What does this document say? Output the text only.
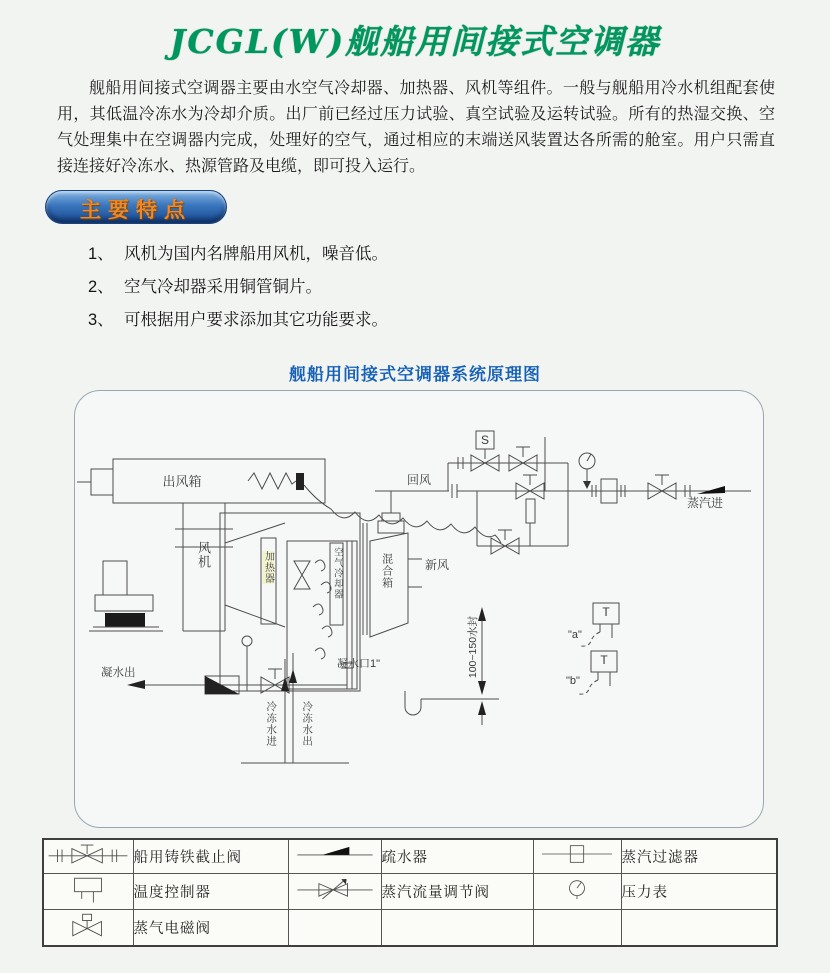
JCGL(W)舰船用间接式空调器
舰船用间接式空调器主要由水空气冷却器、加热器、风机等组件。一般与舰船用冷水机组配套使用，其低温冷冻水为冷却介质。出厂前已经过压力试验、真空试验及运转试验。所有的热湿交换、空气处理集中在空调器内完成，处理好的空气，通过相应的末端送风装置达各所需的舱室。用户只需直接连接好冷冻水、热源管路及电缆，即可投入运行。
主要特点
1、 风机为国内名牌船用风机，噪音低。
2、 空气冷却器采用铜管铜片。
3、 可根据用户要求添加其它功能要求。
舰船用间接式空调器系统原理图
出风箱
风机	加热器	空气冷却器	混合箱	新风
回风
蒸汽进
S
T
T
"a"
"b"
凝水出
凝水口1"	100~150水封
冷冻水进 冷冻水出
	船用铸铁截止阀		疏水器		蒸汽过滤器
	温度控制器		蒸汽流量调节阀		压力表
	蒸气电磁阀				
